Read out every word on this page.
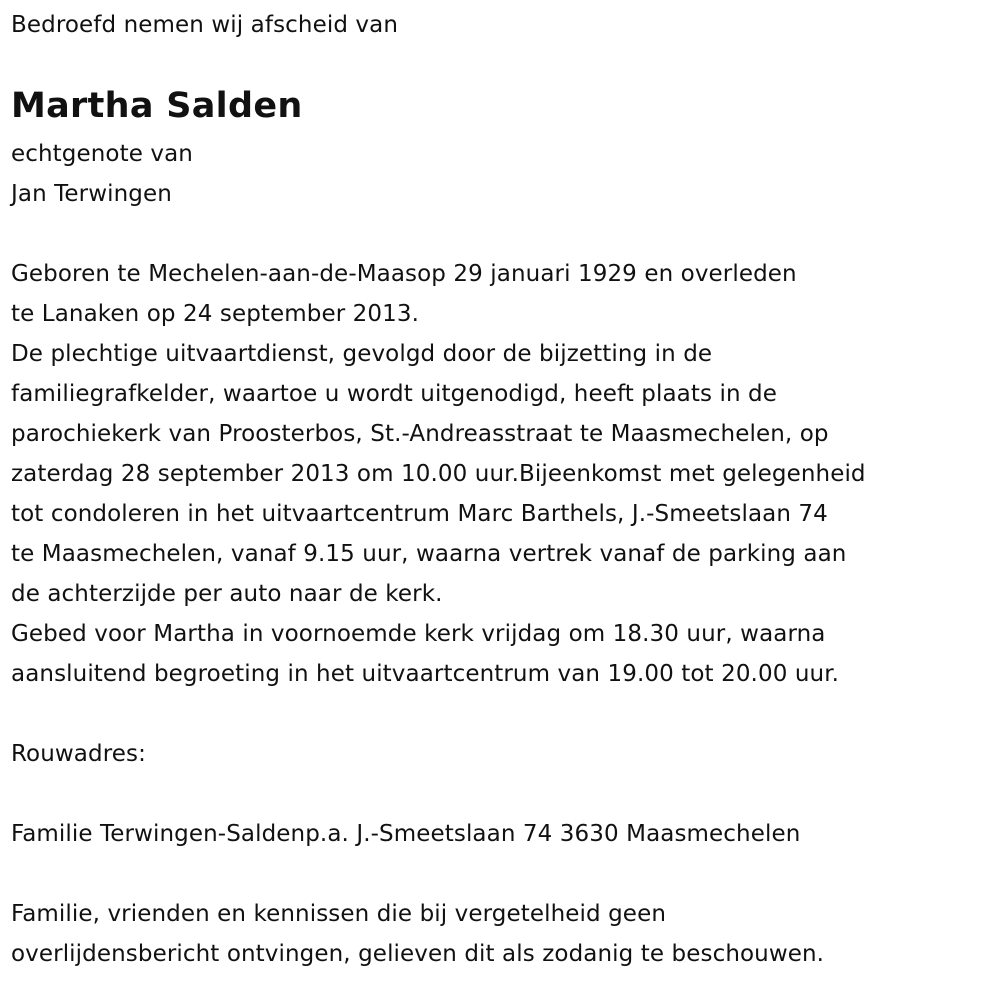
Bedroefd nemen wij afscheid van
Martha Salden
echtgenote van
Jan Terwingen
Geboren te Mechelen-aan-de-Maasop 29 januari 1929 en overleden
te Lanaken op 24 september 2013.
De plechtige uitvaartdienst, gevolgd door de bijzetting in de
familiegrafkelder, waartoe u wordt uitgenodigd, heeft plaats in de
parochiekerk van Proosterbos, St.-Andreasstraat te Maasmechelen, op
zaterdag 28 september 2013 om 10.00 uur.Bijeenkomst met gelegenheid
tot condoleren in het uitvaartcentrum Marc Barthels, J.-Smeetslaan 74
te Maasmechelen, vanaf 9.15 uur, waarna vertrek vanaf de parking aan
de achterzijde per auto naar de kerk.
Gebed voor Martha in voornoemde kerk vrijdag om 18.30 uur, waarna
aansluitend begroeting in het uitvaartcentrum van 19.00 tot 20.00 uur.
Rouwadres:
Familie Terwingen-Saldenp.a. J.-Smeetslaan 74 3630 Maasmechelen
Familie, vrienden en kennissen die bij vergetelheid geen
overlijdensbericht ontvingen, gelieven dit als zodanig te beschouwen.
